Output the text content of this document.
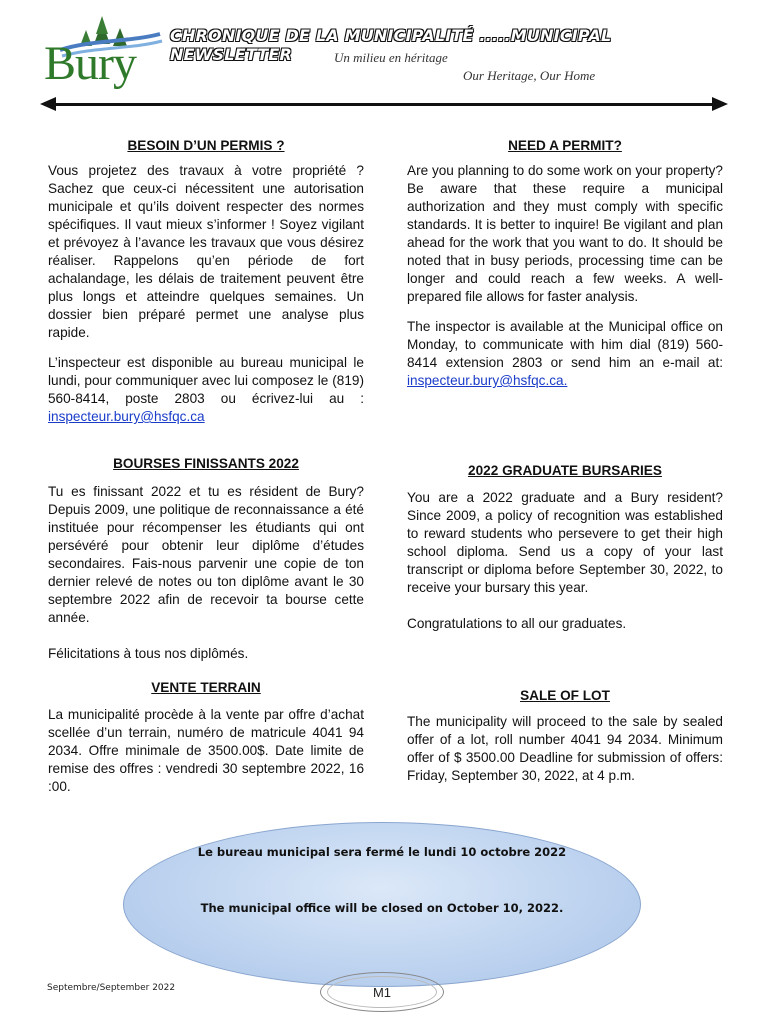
Bury
CHRONIQUE DE LA MUNICIPALITÉ .....MUNICIPAL NEWSLETTER	Un milieu en héritage
Our Heritage, Our Home
BESOIN D’UN PERMIS ?

Vous projetez des travaux à votre propriété ? Sachez que ceux-ci nécessitent une autorisation municipale et qu’ils doivent respecter des normes spécifiques. Il vaut mieux s’informer ! Soyez vigilant et prévoyez à l’avance les travaux que vous désirez réaliser. Rappelons qu’en période de fort achalandage, les délais de traitement peuvent être plus longs et atteindre quelques semaines. Un dossier bien préparé permet une analyse plus rapide.

L’inspecteur est disponible au bureau municipal le lundi, pour communiquer avec lui composez le (819) 560-8414, poste 2803 ou écrivez-lui au : inspecteur.bury@hsfqc.ca

NEED A PERMIT?

Are you planning to do some work on your property? Be aware that these require a municipal authorization and they must comply with specific standards. It is better to inquire! Be vigilant and plan ahead for the work that you want to do. It should be noted that in busy periods, processing time can be longer and could reach a few weeks. A well-prepared file allows for faster analysis.

The inspector is available at the Municipal office on Monday, to communicate with him dial (819) 560-8414 extension 2803 or send him an e-mail at: inspecteur.bury@hsfqc.ca.

BOURSES FINISSANTS 2022

Tu es finissant 2022 et tu es résident de Bury? Depuis 2009, une politique de reconnaissance a été instituée pour récompenser les étudiants qui ont persévéré pour obtenir leur diplôme d’études secondaires. Fais-nous parvenir une copie de ton dernier relevé de notes ou ton diplôme avant le 30 septembre 2022 afin de recevoir ta bourse cette année.

Félicitations à tous nos diplômés.

2022 GRADUATE BURSARIES

You are a 2022 graduate and a Bury resident? Since 2009, a policy of recognition was established to reward students who persevere to get their high school diploma. Send us a copy of your last transcript or diploma before September 30, 2022, to receive your bursary this year.

Congratulations to all our graduates.

VENTE TERRAIN

La municipalité procède à la vente par offre d’achat scellée d’un terrain, numéro de matricule 4041 94 2034. Offre minimale de 3500.00$. Date limite de remise des offres : vendredi 30 septembre 2022, 16 :00.

SALE OF LOT

The municipality will proceed to the sale by sealed offer of a lot, roll number 4041 94 2034. Minimum offer of $ 3500.00 Deadline for submission of offers: Friday, September 30, 2022, at 4 p.m.

Le bureau municipal sera fermé le lundi 10 octobre 2022
The municipal office will be closed on October 10, 2022.
Septembre/September 2022	M1
